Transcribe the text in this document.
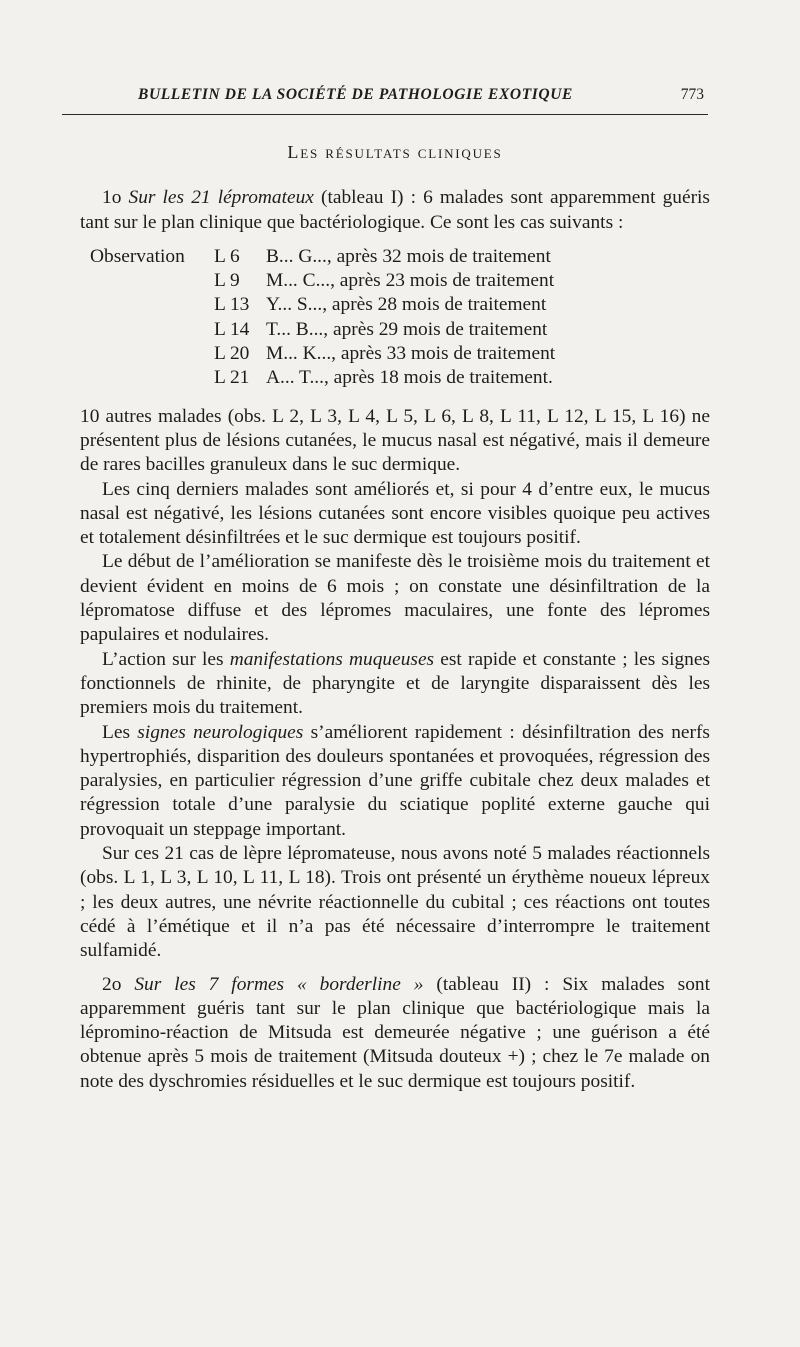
BULLETIN DE LA SOCIÉTÉ DE PATHOLOGIE EXOTIQUE	773
Les résultats cliniques

1o Sur les 21 lépromateux (tableau I) : 6 malades sont apparemment guéris tant sur le plan clinique que bactériologique. Ce sont les cas suivants :

Observation	L 6	B... G..., après 32 mois de traitement
	L 9	M... C..., après 23 mois de traitement
	L 13	Y... S..., après 28 mois de traitement
	L 14	T... B..., après 29 mois de traitement
	L 20	M... K..., après 33 mois de traitement
	L 21	A... T..., après 18 mois de traitement.

10 autres malades (obs. L 2, L 3, L 4, L 5, L 6, L 8, L 11, L 12, L 15, L 16) ne présentent plus de lésions cutanées, le mucus nasal est négativé, mais il demeure de rares bacilles granuleux dans le suc dermique.

Les cinq derniers malades sont améliorés et, si pour 4 d’entre eux, le mucus nasal est négativé, les lésions cutanées sont encore visibles quoique peu actives et totalement désinfiltrées et le suc dermique est toujours positif.

Le début de l’amélioration se manifeste dès le troisième mois du traitement et devient évident en moins de 6 mois ; on constate une désinfiltration de la lépromatose diffuse et des lépromes maculaires, une fonte des lépromes papulaires et nodulaires.

L’action sur les manifestations muqueuses est rapide et constante ; les signes fonctionnels de rhinite, de pharyngite et de laryngite disparaissent dès les premiers mois du traitement.

Les signes neurologiques s’améliorent rapidement : désinfiltration des nerfs hypertrophiés, disparition des douleurs spontanées et provoquées, régression des paralysies, en particulier régression d’une griffe cubitale chez deux malades et régression totale d’une paralysie du sciatique poplité externe gauche qui provoquait un steppage important.

Sur ces 21 cas de lèpre lépromateuse, nous avons noté 5 malades réactionnels (obs. L 1, L 3, L 10, L 11, L 18). Trois ont présenté un érythème noueux lépreux ; les deux autres, une névrite réactionnelle du cubital ; ces réactions ont toutes cédé à l’émétique et il n’a pas été nécessaire d’interrompre le traitement sulfamidé.

2o Sur les 7 formes « borderline » (tableau II) : Six malades sont apparemment guéris tant sur le plan clinique que bactériologique mais la lépromino-réaction de Mitsuda est demeurée négative ; une guérison a été obtenue après 5 mois de traitement (Mitsuda douteux +) ; chez le 7e malade on note des dyschromies résiduelles et le suc dermique est toujours positif.
